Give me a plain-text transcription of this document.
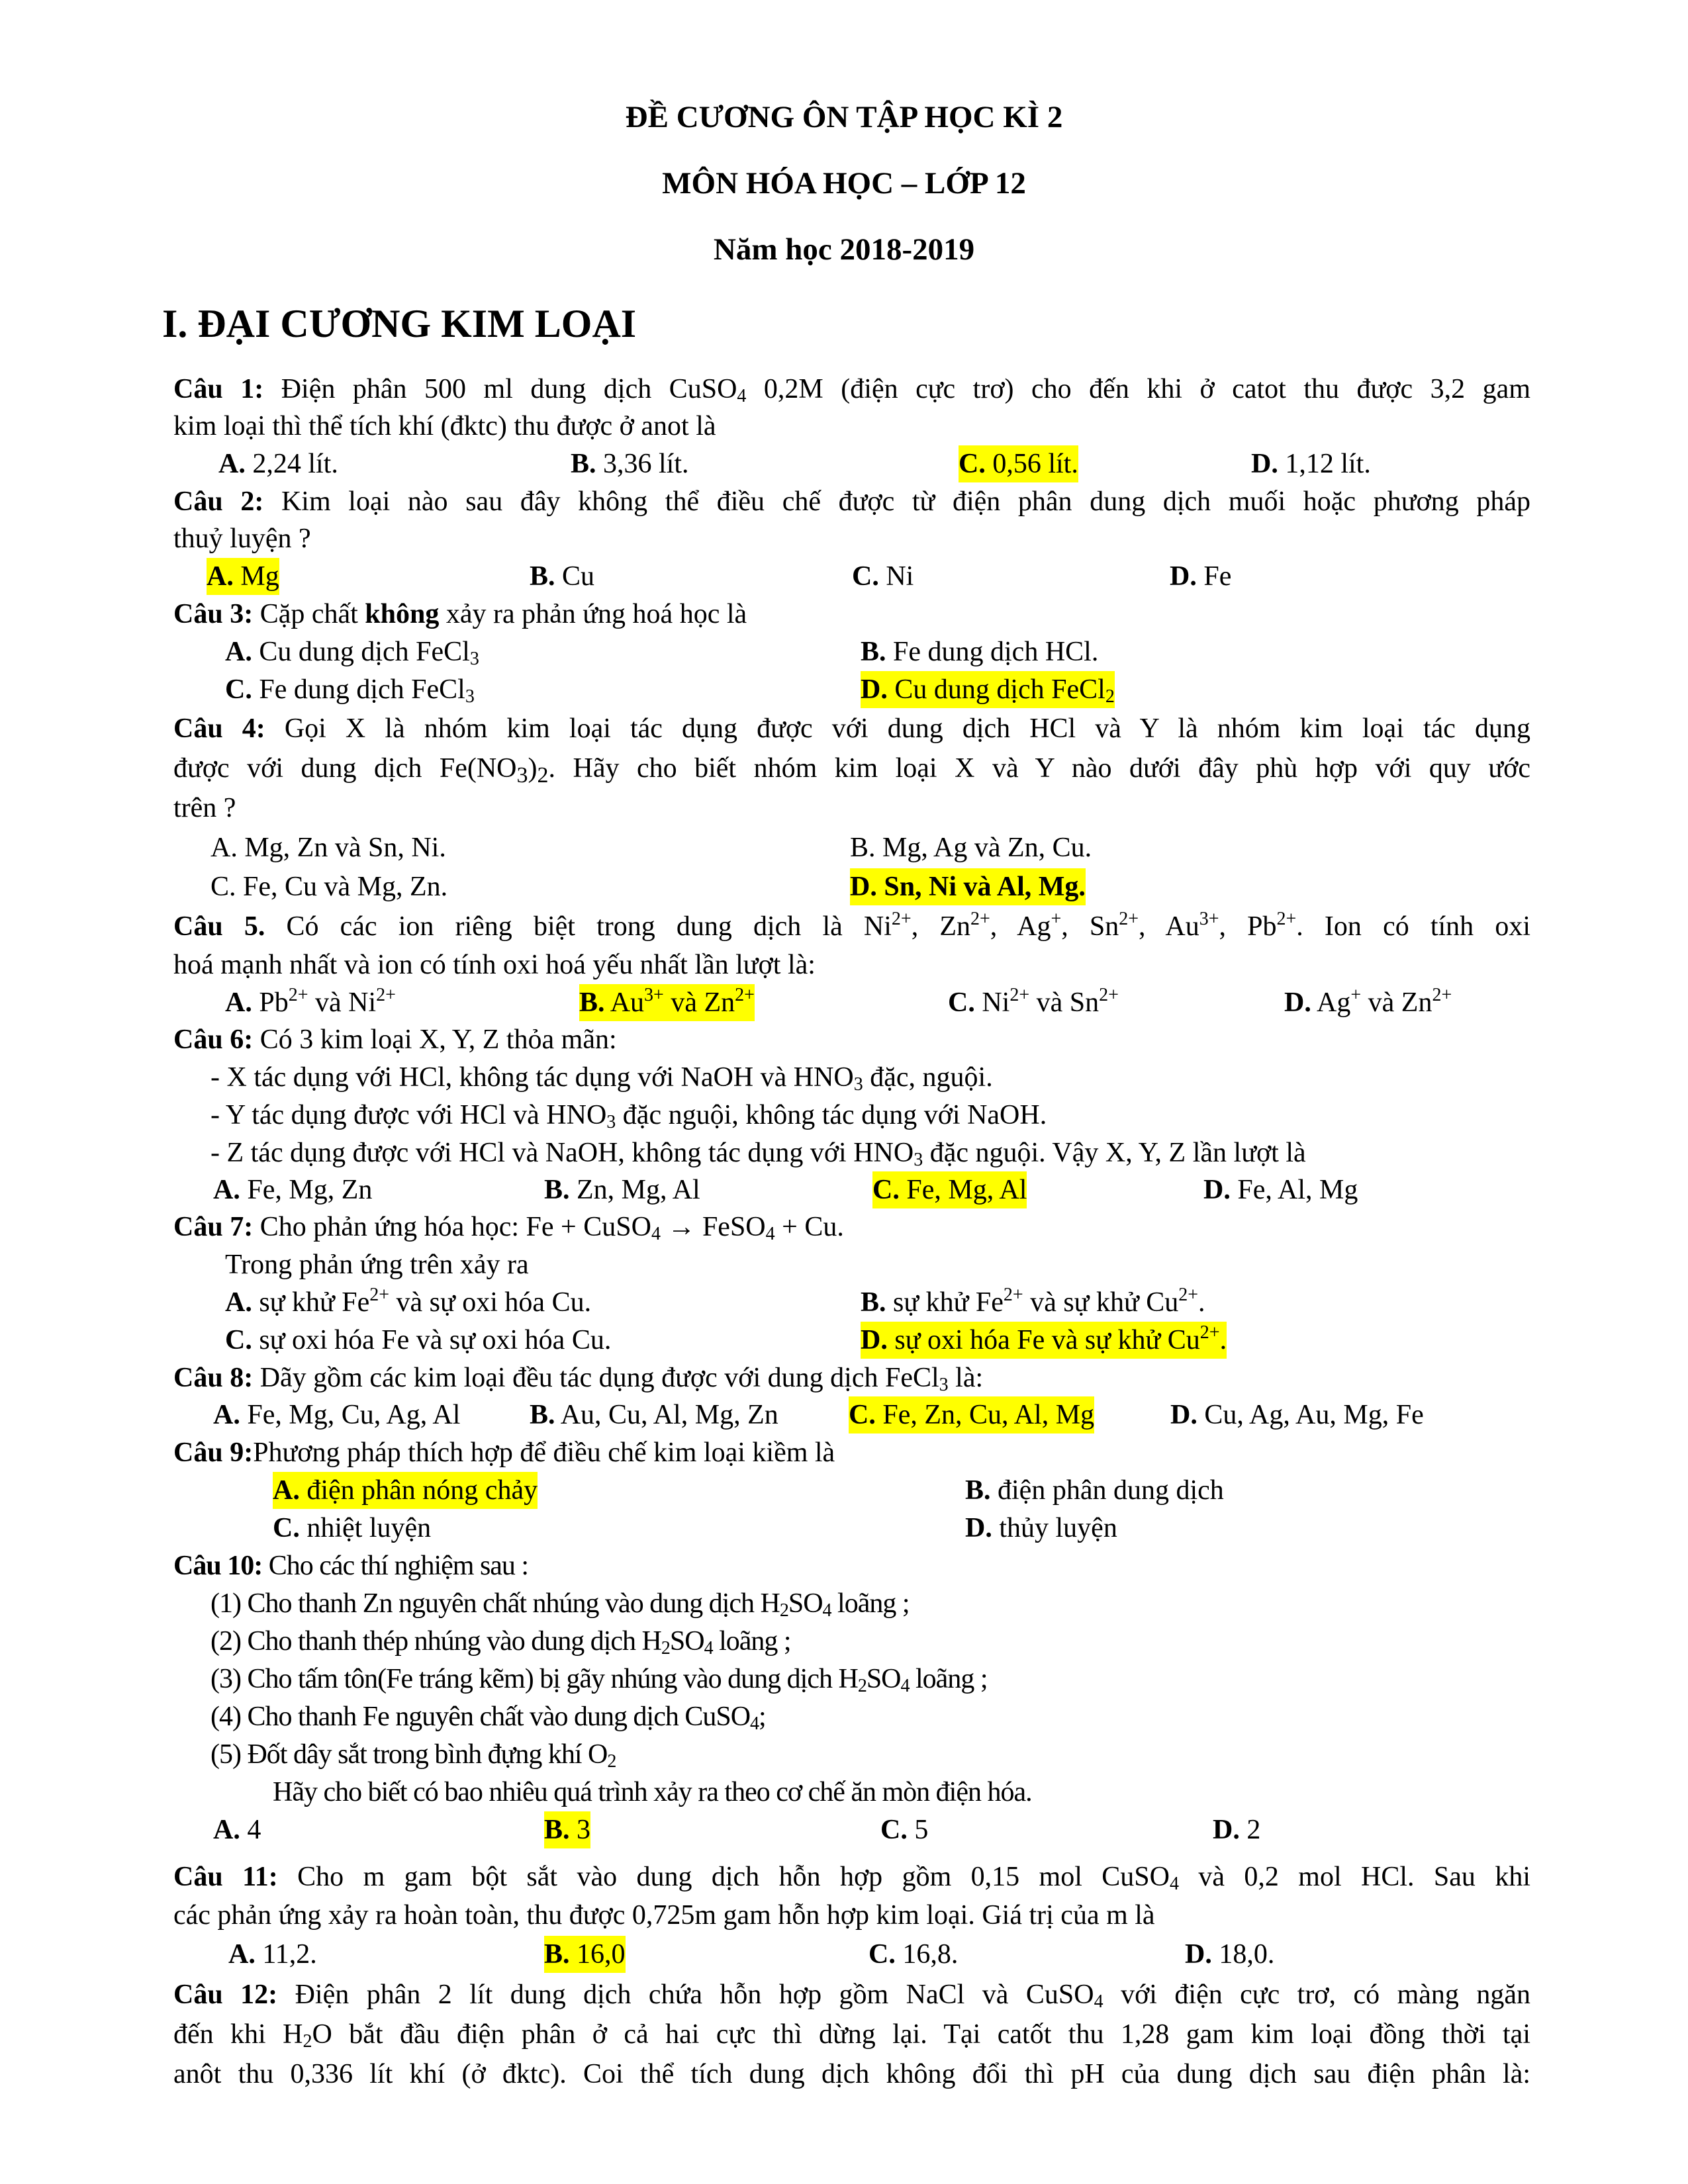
ĐỀ CƯƠNG ÔN TẬP HỌC KÌ 2
MÔN HÓA HỌC – LỚP 12
Năm học 2018-2019
I. ĐẠI CƯƠNG KIM LOẠI
Câu 1: Điện phân 500 ml dung dịch CuSO$_4$ 0,2M (điện cực trơ) cho đến khi ở catot thu được 3,2 gam
kim loại thì thể tích khí (đktc) thu được ở anot là
A. 2,24 lít.	B. 3,36 lít.	C. 0,56 lít.	D. 1,12 lít.
Câu 2: Kim loại nào sau đây không thể điều chế được từ điện phân dung dịch muối hoặc phương pháp
thuỷ luyện ?
A. Mg	B. Cu	C. Ni	D. Fe
Câu 3: Cặp chất không xảy ra phản ứng hoá học là
A. Cu dung dịch FeCl$_3$	B. Fe dung dịch HCl.
C. Fe dung dịch FeCl$_3$	D. Cu dung dịch FeCl$_2$
Câu 4: Gọi X là nhóm kim loại tác dụng được với dung dịch HCl và Y là nhóm kim loại tác dụng
được với dung dịch Fe(NO3)2. Hãy cho biết nhóm kim loại X và Y nào dưới đây phù hợp với quy ước
trên ?
A. Mg, Zn và Sn, Ni.	B. Mg, Ag và Zn, Cu.
C. Fe, Cu và Mg, Zn.	D. Sn, Ni và Al, Mg.
Câu 5. Có các ion riêng biệt trong dung dịch là $Ni^{2+}$, $Zn^{2+}$, Ag+, $Sn^{2+}$, $Au^{3+}$, $Pb^{2+}$. Ion có tính oxi
hoá mạnh nhất và ion có tính oxi hoá yếu nhất lần lượt là:
A. $Pb^{2+}$ và $Ni^{2+}$	B. $Au^{3+}$ và $Zn^{2+}$	C. $Ni^{2+}$ và $Sn^{2+}$	D. Ag+ và $Zn^{2+}$
Câu 6: Có 3 kim loại X, Y, Z thỏa mãn:
- X tác dụng với HCl, không tác dụng với NaOH và $HNO_3$ đặc, nguội.
- Y tác dụng được với HCl và $HNO_3$ đặc nguội, không tác dụng với NaOH.
- Z tác dụng được với HCl và NaOH, không tác dụng với $HNO_3$ đặc nguội. Vậy X, Y, Z lần lượt là
A. Fe, Mg, Zn	B. Zn, Mg, Al	C. Fe, Mg, Al	D. Fe, Al, Mg
Câu 7: Cho phản ứng hóa học: Fe + CuSO$_4$ → FeSO$_4$ + Cu.
Trong phản ứng trên xảy ra
A. sự khử $Fe^{2+}$ và sự oxi hóa Cu.	B. sự khử $Fe^{2+}$ và sự khử $Cu^{2+}$.
C. sự oxi hóa Fe và sự oxi hóa Cu.	D. sự oxi hóa Fe và sự khử $Cu^{2+}$.
Câu 8: Dãy gồm các kim loại đều tác dụng được với dung dịch FeCl$_3$ là:
A. Fe, Mg, Cu, Ag, Al B. Au, Cu, Al, Mg, Zn	C. Fe, Zn, Cu, Al, Mg	D. Cu, Ag, Au, Mg, Fe
Câu 9:Phương pháp thích hợp để điều chế kim loại kiềm là
A. điện phân nóng chảy	B. điện phân dung dịch
C. nhiệt luyện	D. thủy luyện
Câu 10: Cho các thí nghiệm sau :
(1) Cho thanh Zn nguyên chất nhúng vào dung dịch $H_2SO_4$ loãng ;
(2) Cho thanh thép nhúng vào dung dịch $H_2SO_4$ loãng ;
(3) Cho tấm tôn(Fe tráng kẽm) bị gãy nhúng vào dung dịch $H_2SO_4$ loãng ;
(4) Cho thanh Fe nguyên chất vào dung dịch CuSO$_4$;
(5) Đốt dây sắt trong bình đựng khí $O_2$
Hãy cho biết có bao nhiêu quá trình xảy ra theo cơ chế ăn mòn điện hóa.
A. 4	B. 3	C. 5	D. 2
Câu 11: Cho m gam bột sắt vào dung dịch hỗn hợp gồm 0,15 mol CuSO$_4$ và 0,2 mol HCl. Sau khi
các phản ứng xảy ra hoàn toàn, thu được 0,725m gam hỗn hợp kim loại. Giá trị của m là
A. 11,2.	B. 16,0	C. 16,8.	D. 18,0.
Câu 12: Điện phân 2 lít dung dịch chứa hỗn hợp gồm NaCl và CuSO$_4$ với điện cực trơ, có màng ngăn
đến khi $H_2O$ bắt đầu điện phân ở cả hai cực thì dừng lại. Tại catốt thu 1,28 gam kim loại đồng thời tại
anôt thu 0,336 lít khí (ở đktc). Coi thể tích dung dịch không đổi thì pH của dung dịch sau điện phân là:
